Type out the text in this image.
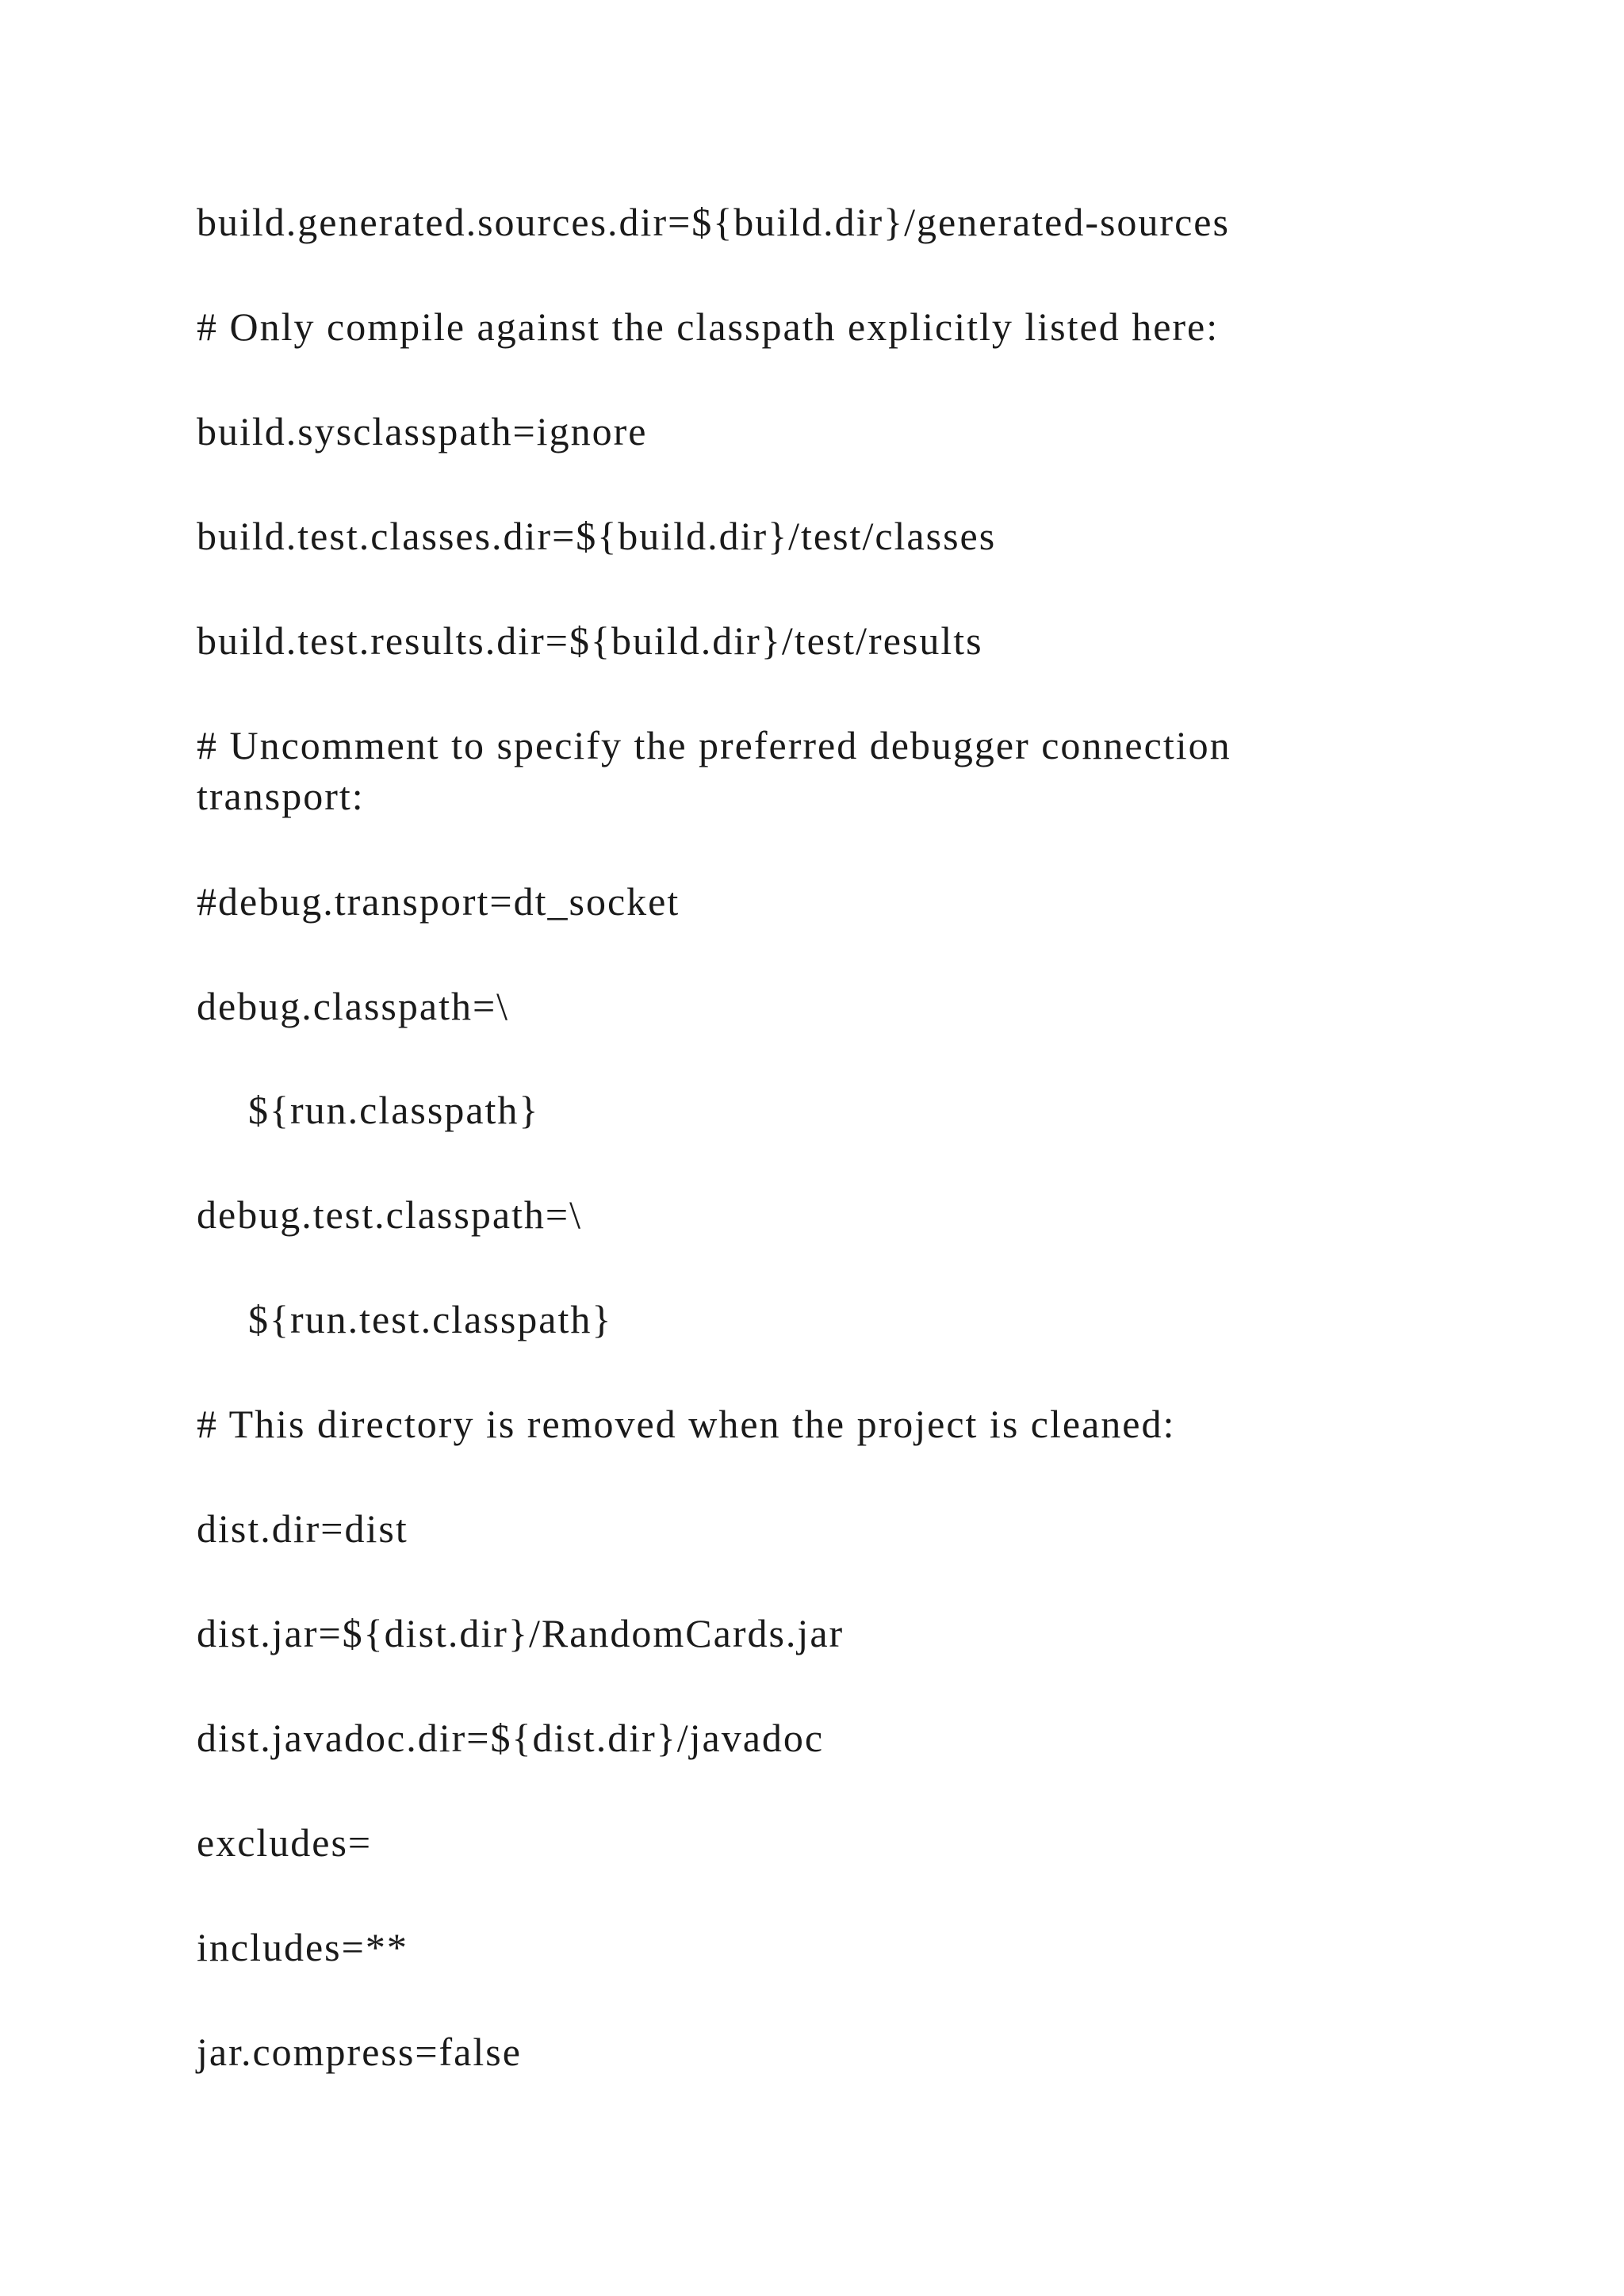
build.generated.sources.dir=${build.dir}/generated-sources

# Only compile against the classpath explicitly listed here:

build.sysclasspath=ignore

build.test.classes.dir=${build.dir}/test/classes

build.test.results.dir=${build.dir}/test/results

# Uncomment to specify the preferred debugger connection

transport:

#debug.transport=dt_socket

debug.classpath=\

${run.classpath}

debug.test.classpath=\

${run.test.classpath}

# This directory is removed when the project is cleaned:

dist.dir=dist

dist.jar=${dist.dir}/RandomCards.jar

dist.javadoc.dir=${dist.dir}/javadoc

excludes=

includes=**

jar.compress=false
